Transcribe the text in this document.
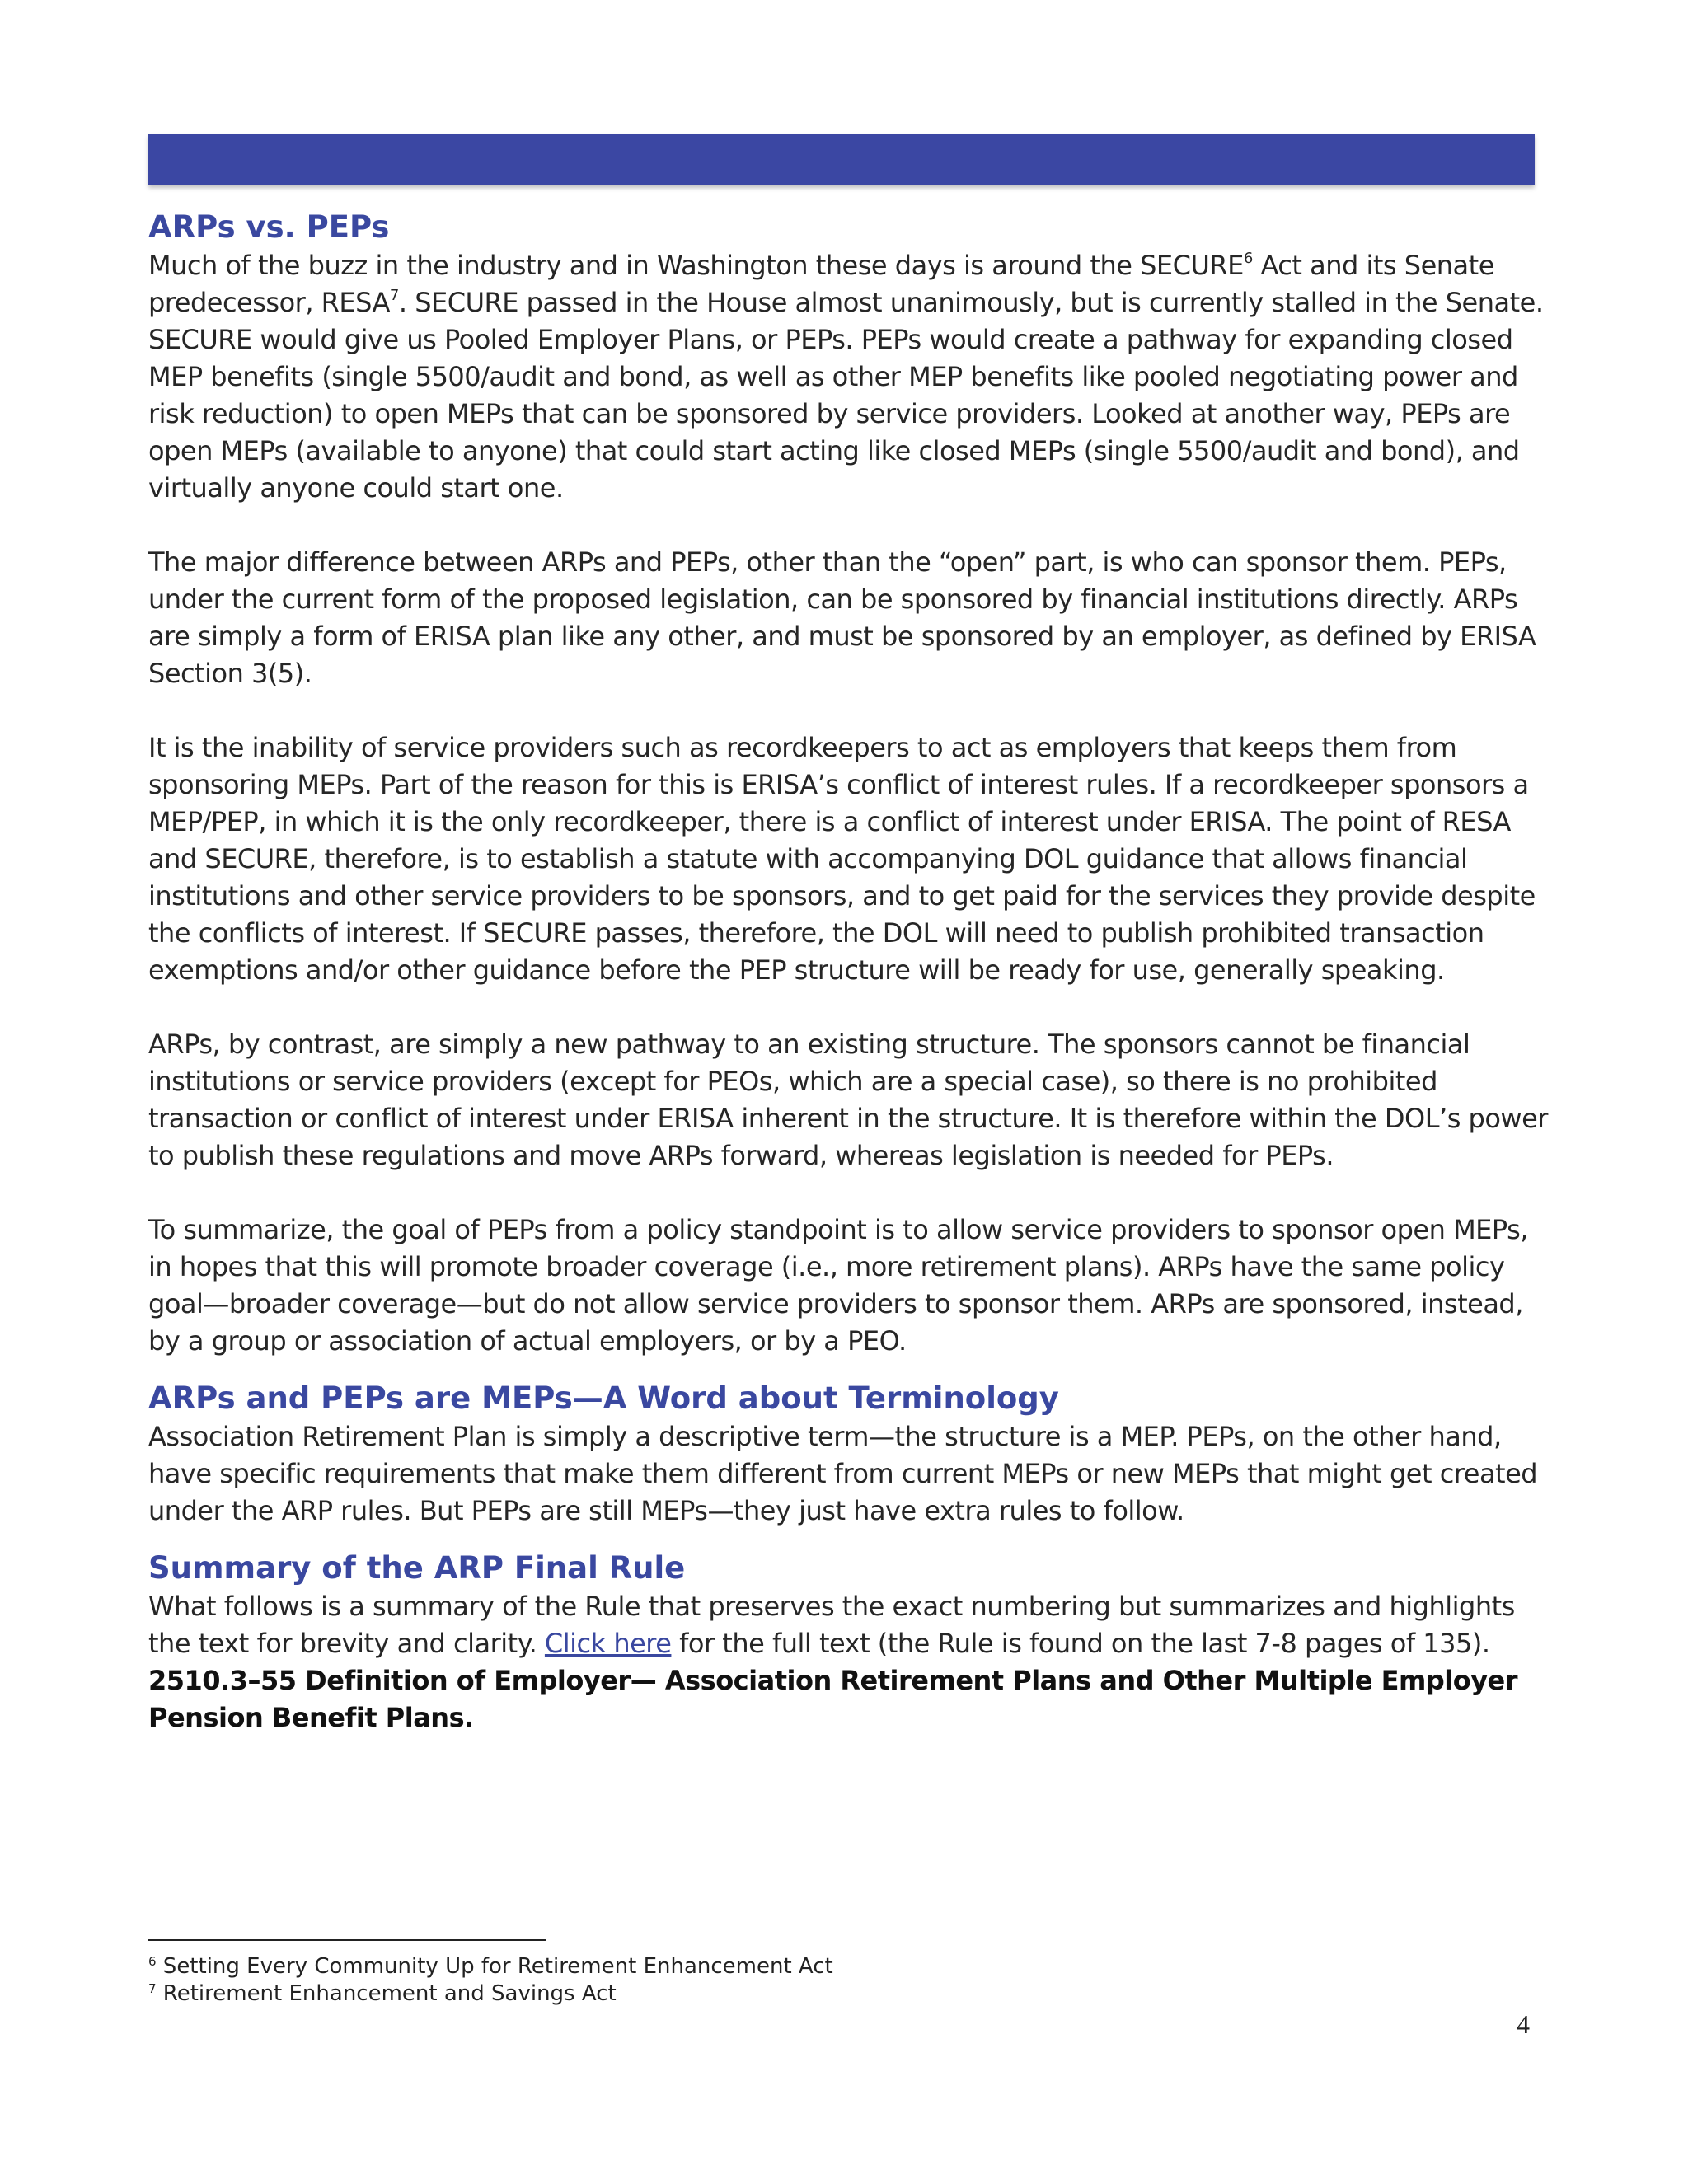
ARPs vs. PEPs

Much of the buzz in the industry and in Washington these days is around the SECURE$^6$ Act and its Senate predecessor, RESA$^7$. SECURE passed in the House almost unanimously, but is currently stalled in the Senate. SECURE would give us Pooled Employer Plans, or PEPs. PEPs would create a pathway for expanding closed MEP benefits (single 5500/audit and bond, as well as other MEP benefits like pooled negotiating power and risk reduction) to open MEPs that can be sponsored by service providers. Looked at another way, PEPs are open MEPs (available to anyone) that could start acting like closed MEPs (single 5500/audit and bond), and virtually anyone could start one.

The major difference between ARPs and PEPs, other than the “open” part, is who can sponsor them. PEPs, under the current form of the proposed legislation, can be sponsored by financial institutions directly. ARPs are simply a form of ERISA plan like any other, and must be sponsored by an employer, as defined by ERISA Section 3(5).

It is the inability of service providers such as recordkeepers to act as employers that keeps them from sponsoring MEPs. Part of the reason for this is ERISA’s conflict of interest rules. If a recordkeeper sponsors a MEP/PEP, in which it is the only recordkeeper, there is a conflict of interest under ERISA. The point of RESA and SECURE, therefore, is to establish a statute with accompanying DOL guidance that allows financial institutions and other service providers to be sponsors, and to get paid for the services they provide despite the conflicts of interest. If SECURE passes, therefore, the DOL will need to publish prohibited transaction exemptions and/or other guidance before the PEP structure will be ready for use, generally speaking.

ARPs, by contrast, are simply a new pathway to an existing structure. The sponsors cannot be financial institutions or service providers (except for PEOs, which are a special case), so there is no prohibited transaction or conflict of interest under ERISA inherent in the structure. It is therefore within the DOL’s power to publish these regulations and move ARPs forward, whereas legislation is needed for PEPs.

To summarize, the goal of PEPs from a policy standpoint is to allow service providers to sponsor open MEPs, in hopes that this will promote broader coverage (i.e., more retirement plans). ARPs have the same policy goal—broader coverage—but do not allow service providers to sponsor them. ARPs are sponsored, instead, by a group or association of actual employers, or by a PEO.

ARPs and PEPs are MEPs—A Word about Terminology

Association Retirement Plan is simply a descriptive term—the structure is a MEP. PEPs, on the other hand, have specific requirements that make them different from current MEPs or new MEPs that might get created under the ARP rules. But PEPs are still MEPs—they just have extra rules to follow.

Summary of the ARP Final Rule

What follows is a summary of the Rule that preserves the exact numbering but summarizes and highlights the text for brevity and clarity. Click here for the full text (the Rule is found on the last 7-8 pages of 135).

2510.3–55 Definition of Employer— Association Retirement Plans and Other Multiple Employer Pension Benefit Plans.
$^6$ Setting Every Community Up for Retirement Enhancement Act
$^7$ Retirement Enhancement and Savings Act
4
